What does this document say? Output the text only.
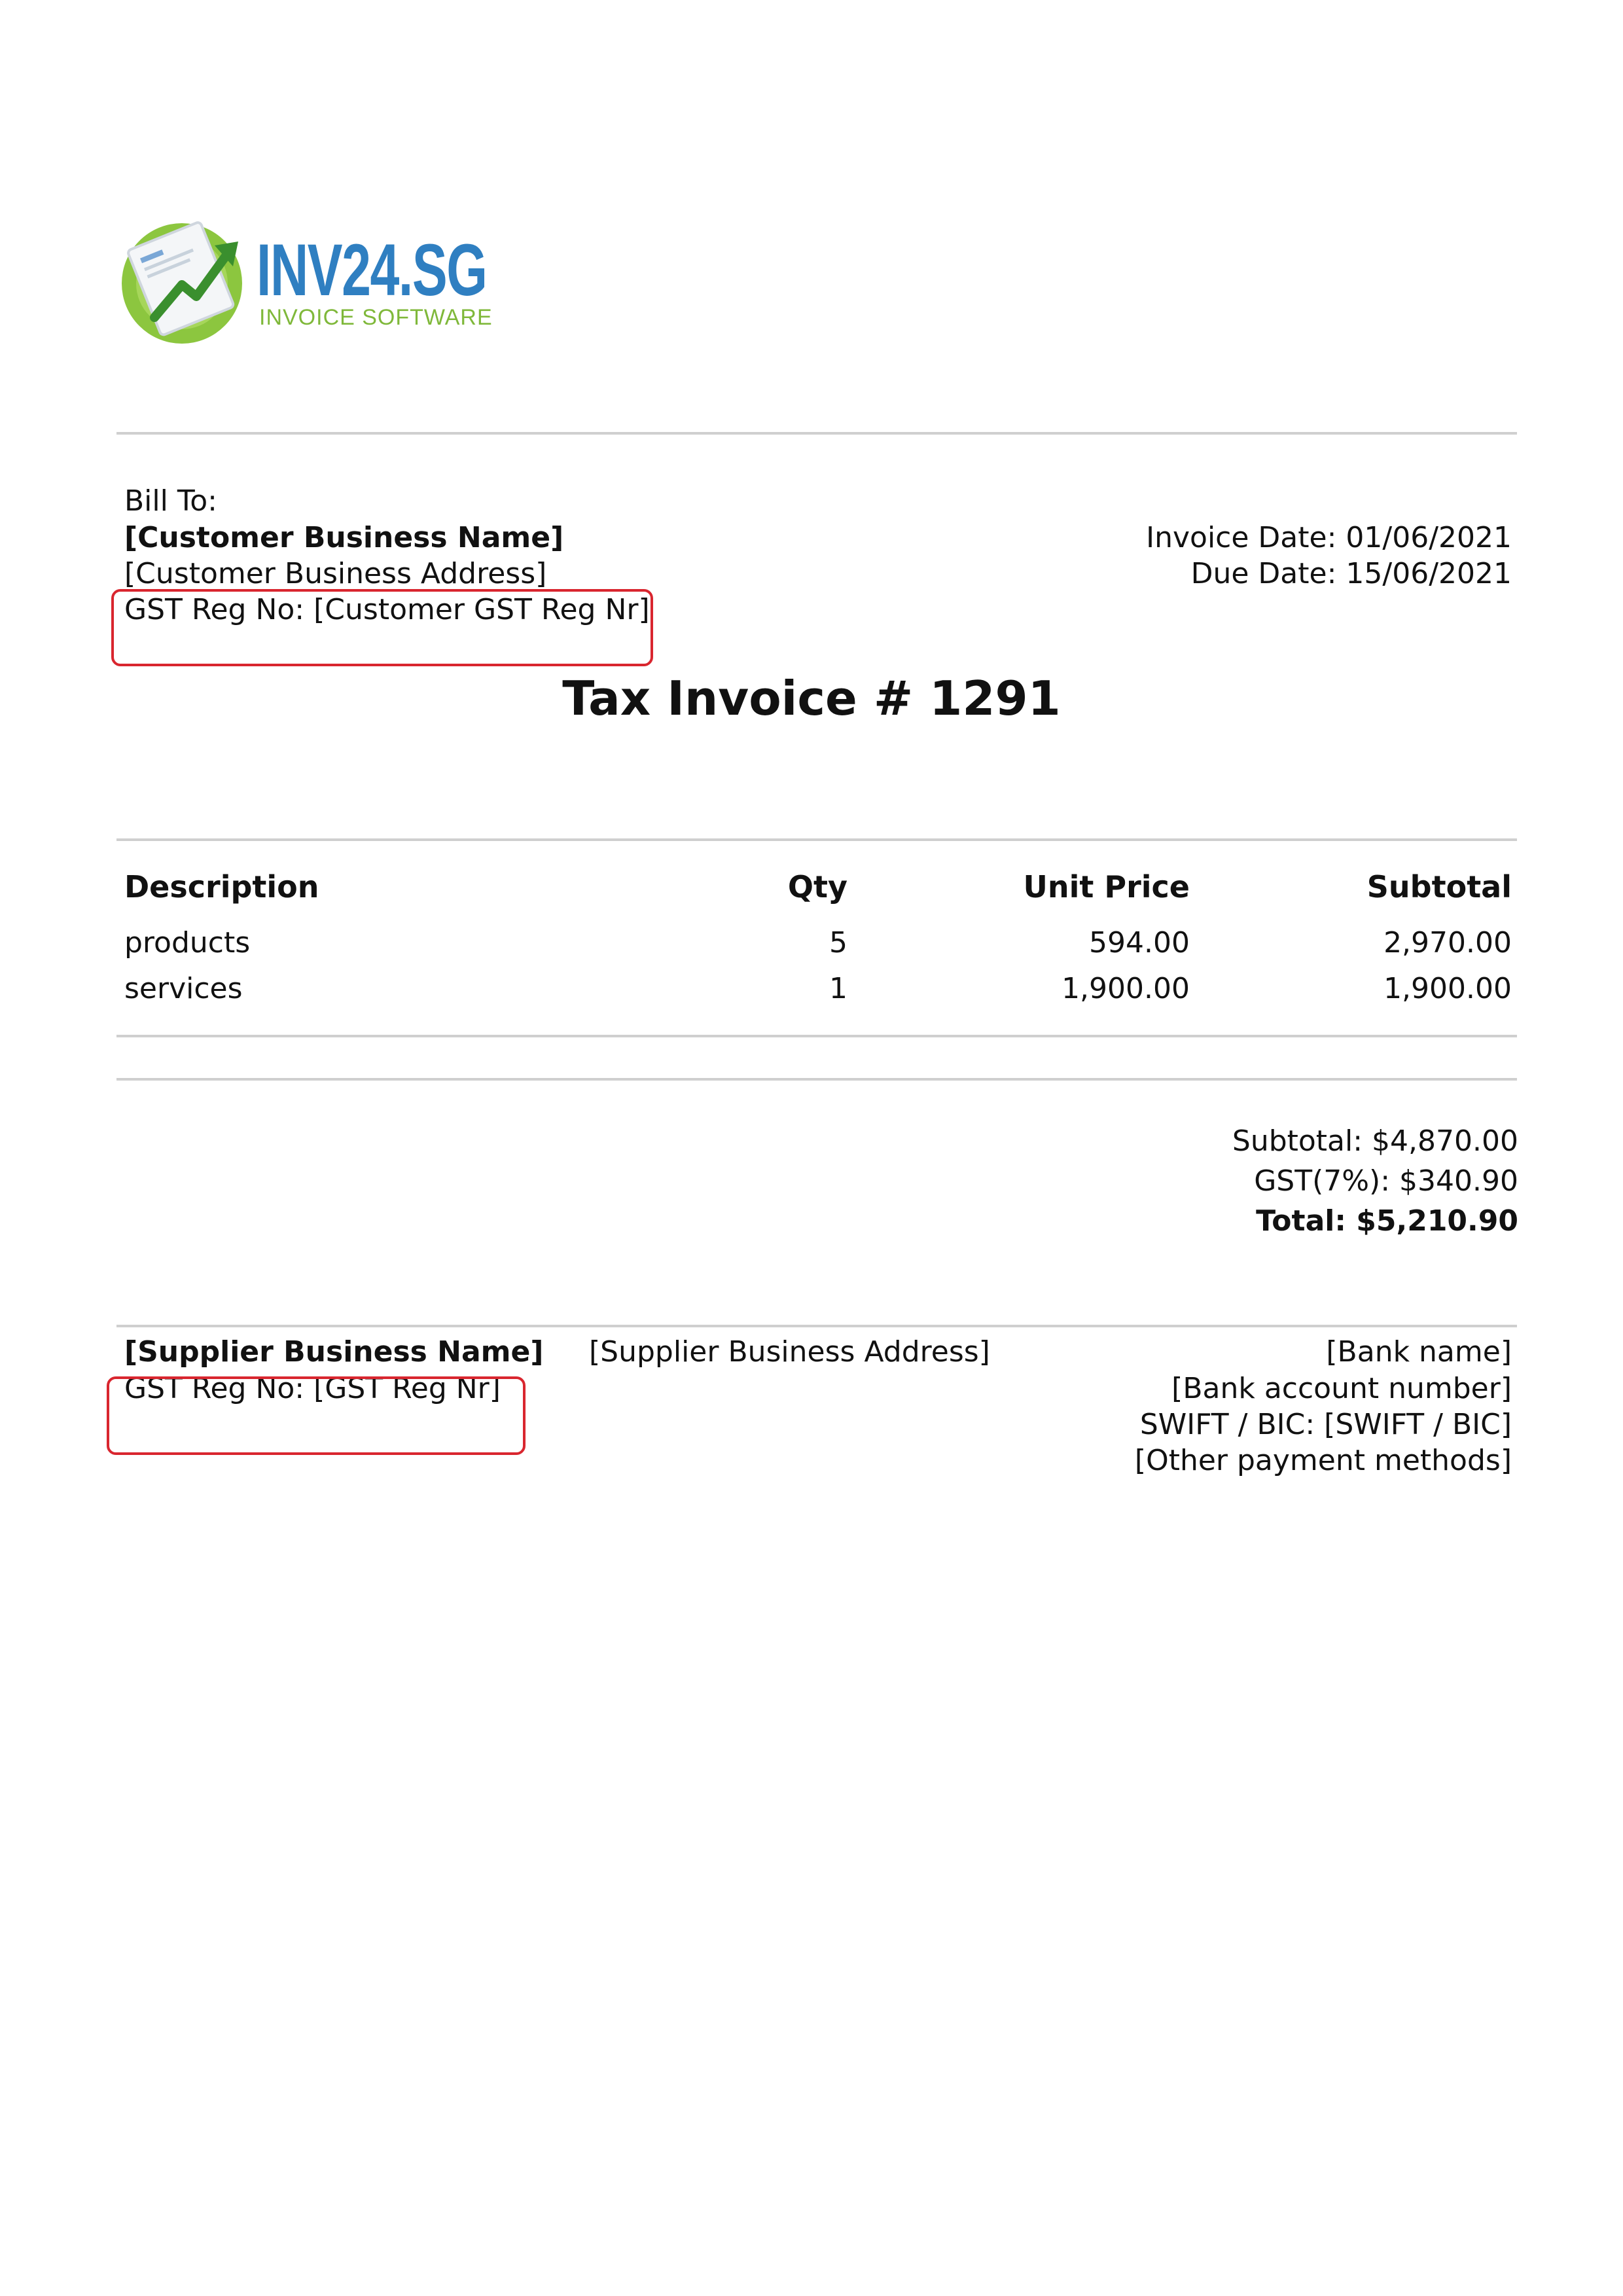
INV24.SG
INVOICE SOFTWARE
Bill To:
[Customer Business Name]
[Customer Business Address]
GST Reg No: [Customer GST Reg Nr]
Invoice Date: 01/06/2021
Due Date: 15/06/2021
Tax Invoice # 1291
Description	Qty	Unit Price	Subtotal
products	5	594.00	2,970.00
services	1	1,900.00	1,900.00
Subtotal: $4,870.00
GST(7%): $340.90
Total: $5,210.90
[Supplier Business Name]
GST Reg No: [GST Reg Nr]
[Supplier Business Address]	[Bank name]
[Bank account number]
SWIFT / BIC: [SWIFT / BIC]
[Other payment methods]
